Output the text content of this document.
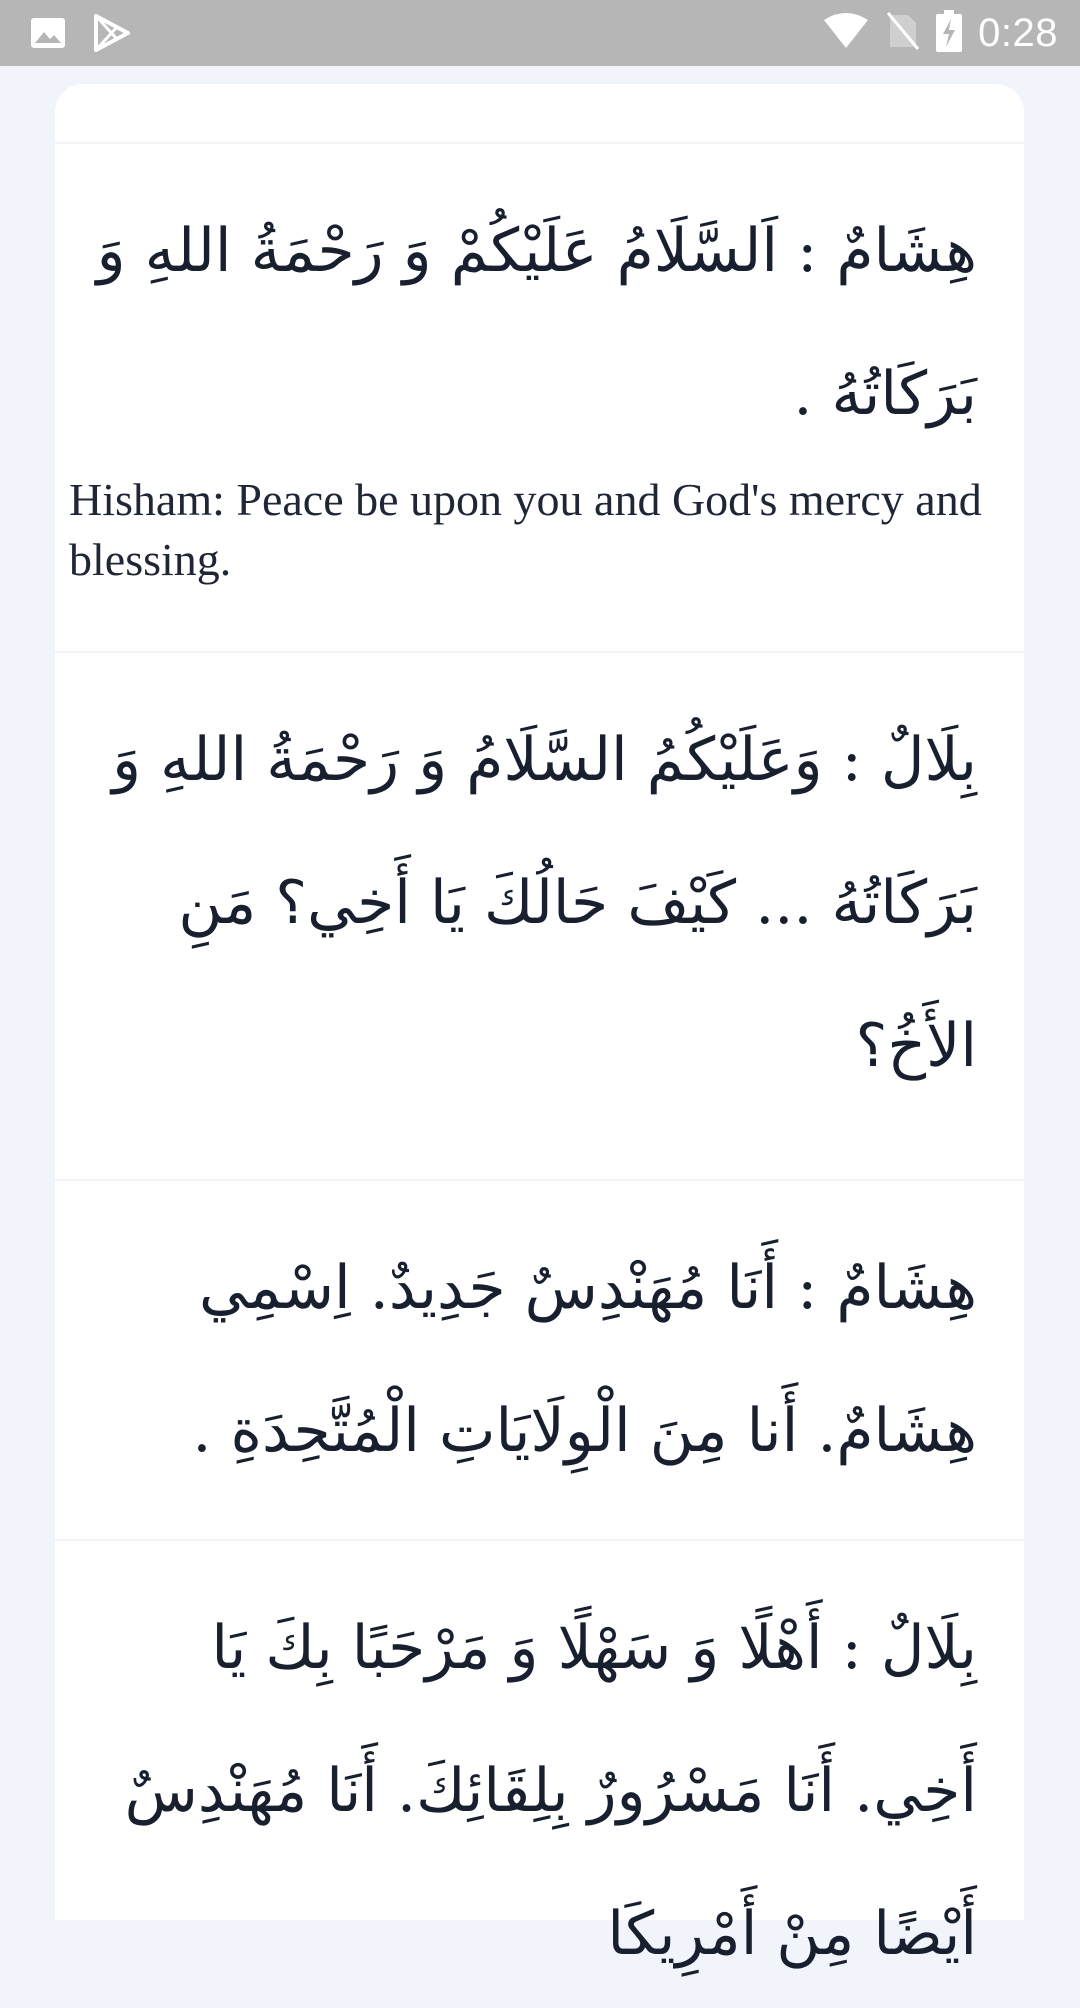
0:28
هِشَامٌ : اَلسَّلَامُ عَلَيْكُمْ وَ رَحْمَةُ اللهِ وَ بَرَكَاتُهُ .
Hisham: Peace be upon you and God's mercy and blessing.
بِلَالٌ : وَعَلَيْكُمُ السَّلَامُ وَ رَحْمَةُ اللهِ وَ بَرَكَاتُهُ ... كَيْفَ حَالُكَ يَا أَخِي؟ مَنِ الأَخُ؟
هِشَامٌ : أَنَا مُهَنْدِسٌ جَدِيدٌ. اِسْمِي هِشَامٌ. أَنا مِنَ الْوِلَايَاتِ الْمُتَّحِدَةِ .
بِلَالٌ : أَهْلًا وَ سَهْلًا وَ مَرْحَبًا بِكَ يَا أَخِي. أَنَا مَسْرُورٌ بِلِقَائِكَ. أَنَا مُهَنْدِسٌ أَيْضًا مِنْ أَمْرِيكَا
